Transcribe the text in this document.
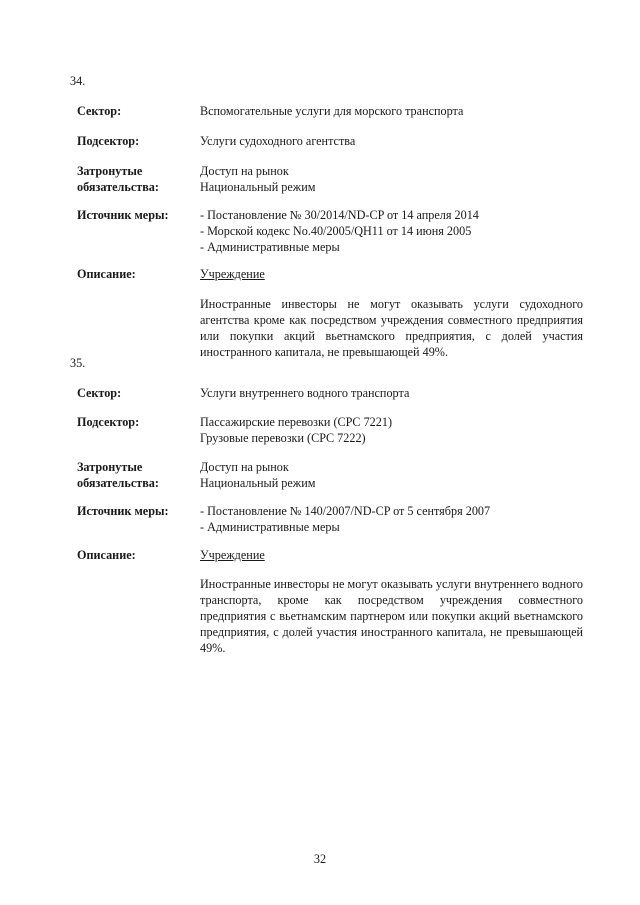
34.
Сектор:	Вспомогательные услуги для морского транспорта
Подсектор:	Услуги судоходного агентства
Затронутые
обязательства:
Доступ на рынок
Национальный режим
Источник меры:	- Постановление № 30/2014/ND-CP от 14 апреля 2014
- Морской кодекс No.40/2005/QH11 от 14 июня 2005
- Административные меры
Описание:	Учреждение
Иностранные инвесторы не могут оказывать услуги судоходного агентства кроме как посредством учреждения совместного предприятия или покупки акций вьетнамского предприятия, с долей участия иностранного капитала, не превышающей 49%.
35.
Сектор:	Услуги внутреннего водного транспорта
Подсектор:	Пассажирские перевозки (CPC 7221)
Грузовые перевозки (CPC 7222)
Затронутые
обязательства:
Доступ на рынок
Национальный режим
Источник меры:	- Постановление № 140/2007/ND-CP от 5 сентября 2007
- Административные меры
Описание:	Учреждение
Иностранные инвесторы не могут оказывать услуги внутреннего водного транспорта, кроме как посредством учреждения совместного предприятия с вьетнамским партнером или покупки акций вьетнамского предприятия, с долей участия иностранного капитала, не превышающей 49%.
32
